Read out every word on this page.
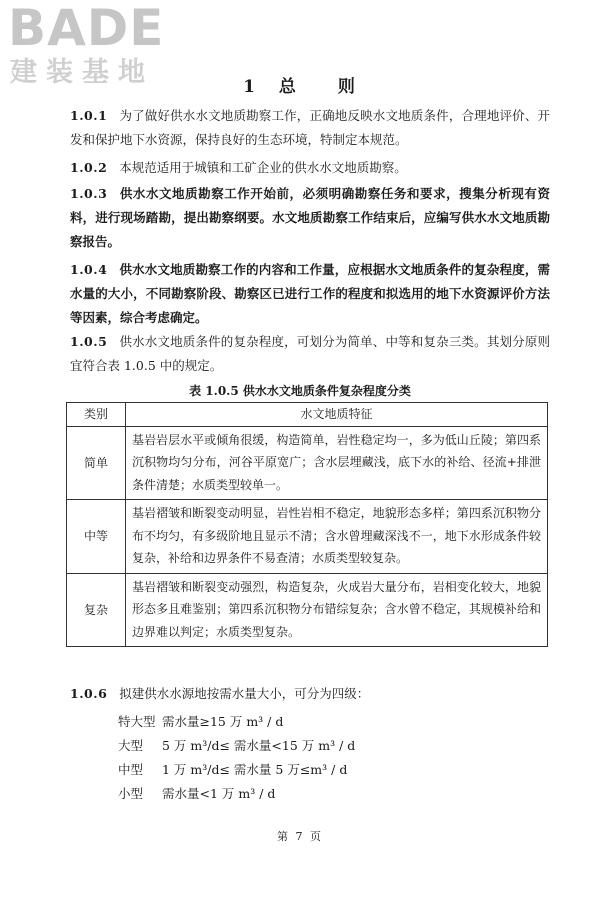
BADE
建装基地	1 总 则
1.0.1 为了做好供水水文地质勘察工作，正确地反映水文地质条件，合理地评价、开发和保护地下水资源，保持良好的生态环境，特制定本规范。
1.0.2 本规范适用于城镇和工矿企业的供水水文地质勘察。
1.0.3 供水水文地质勘察工作开始前，必须明确勘察任务和要求，搜集分析现有资料，进行现场踏勘，提出勘察纲要。水文地质勘察工作结束后，应编写供水水文地质勘察报告。
1.0.4 供水水文地质勘察工作的内容和工作量，应根据水文地质条件的复杂程度，需水量的大小，不同勘察阶段、勘察区已进行工作的程度和拟选用的地下水资源评价方法等因素，综合考虑确定。
1.0.5 供水水文地质条件的复杂程度，可划分为简单、中等和复杂三类。其划分原则宜符合表 1.0.5 中的规定。
表 1.0.5 供水水文地质条件复杂程度分类
类别	水文地质特征
简单	基岩岩层水平或倾角很缓，构造简单，岩性稳定均一，多为低山丘陵；第四系沉积物均匀分布，河谷平原宽广；含水层埋藏浅，底下水的补给、径流+排泄条件清楚；水质类型较单一。
中等	基岩褶皱和断裂变动明显，岩性岩相不稳定，地貌形态多样；第四系沉积物分布不均匀，有多级阶地且显示不清；含水曾埋藏深浅不一，地下水形成条件较复杂，补给和边界条件不易查清；水质类型较复杂。
复杂	基岩褶皱和断裂变动强烈，构造复杂，火成岩大量分布，岩相变化较大，地貌形态多且难鉴别；第四系沉积物分布错综复杂；含水曾不稳定，其规模补给和边界难以判定；水质类型复杂。
1.0.6 拟建供水水源地按需水量大小，可分为四级：
特大型 需水量≥15 万 m³ / d
大型 5 万 m³/d≤ 需水量<15 万 m³ / d
中型 1 万 m³/d≤ 需水量 5 万≤m³ / d
小型 需水量<1 万 m³ / d
第 7 页
